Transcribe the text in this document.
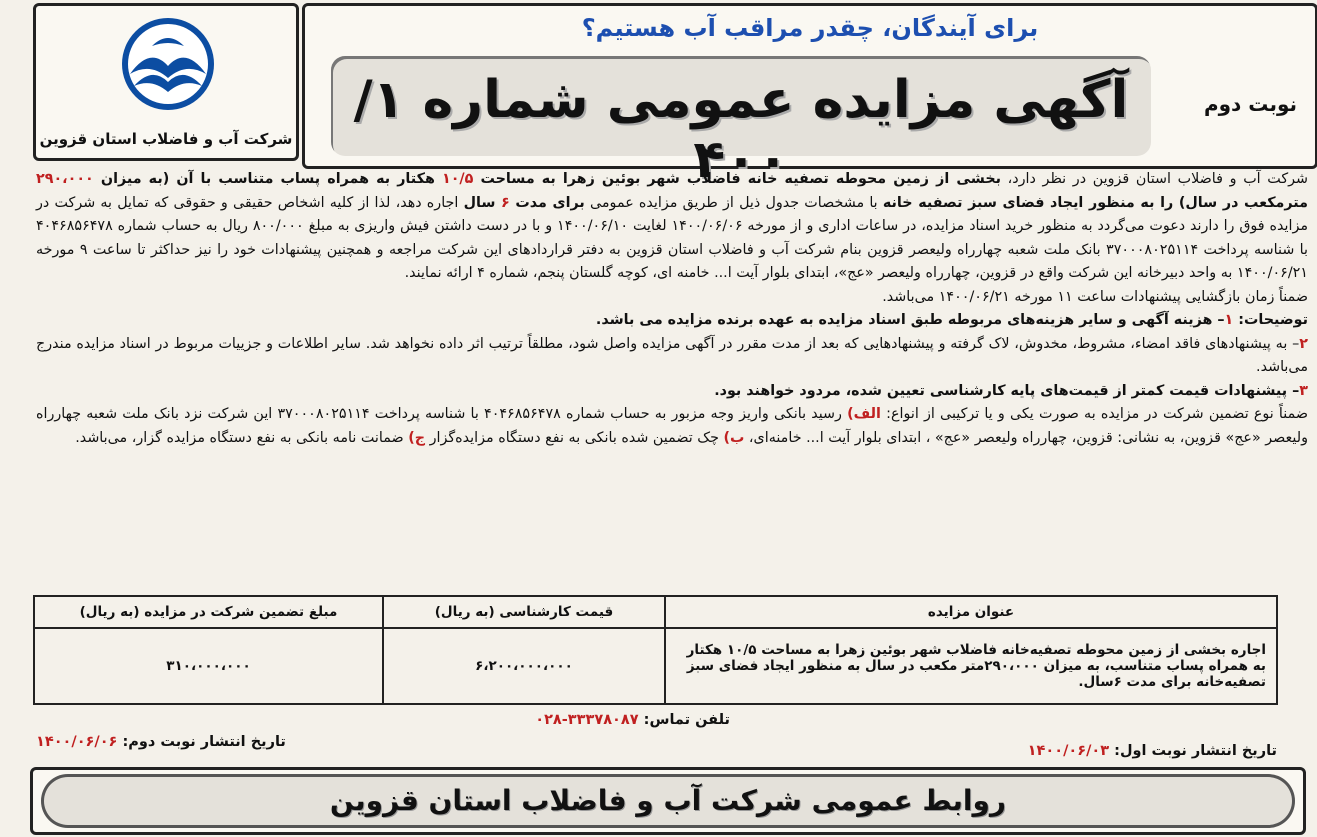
شرکت آب و فاضلاب استان قزوین
برای آیندگان، چقدر مراقب آب هستیم؟
آگهی مزایده عمومی شماره ۱/ ۴۰۰
نوبت دوم

شرکت آب و فاضلاب استان قزوین در نظر دارد، بخشی از زمین محوطه تصفیه خانه فاضلاب شهر بوئین زهرا به مساحت ۱۰/۵ هکتار به همراه پساب متناسب با آن (به میزان ۲۹۰،۰۰۰ مترمکعب در سال) را به منظور ایجاد فضای سبز تصفیه خانه با مشخصات جدول ذیل از طریق مزایده عمومی برای مدت ۶ سال اجاره دهد، لذا از کلیه اشخاص حقیقی و حقوقی که تمایل به شرکت در مزایده فوق را دارند دعوت می‌گردد به منظور خرید اسناد مزایده، در ساعات اداری و از مورخه ۱۴۰۰/۰۶/۰۶ لغایت ۱۴۰۰/۰۶/۱۰ و با در دست داشتن فیش واریزی به مبلغ ۸۰۰/۰۰۰ ریال به حساب شماره ۴۰۴۶۸۵۶۴۷۸ با شناسه پرداخت ۳۷۰۰۰۸۰۲۵۱۱۴ بانک ملت شعبه چهارراه ولیعصر قزوین بنام شرکت آب و فاضلاب استان قزوین به دفتر قراردادهای این شرکت مراجعه و همچنین پیشنهادات خود را نیز حداکثر تا ساعت ۹ مورخه ۱۴۰۰/۰۶/۲۱ به واحد دبیرخانه این شرکت واقع در قزوین، چهارراه ولیعصر «عج»، ابتدای بلوار آیت ا... خامنه ای، کوچه گلستان پنجم، شماره ۴ ارائه نمایند.

ضمناً زمان بازگشایی پیشنهادات ساعت ۱۱ مورخه ۱۴۰۰/۰۶/۲۱ می‌باشد.

توضیحات: ۱– هزینه آگهی و سایر هزینه‌های مربوطه طبق اسناد مزایده به عهده برنده مزایده می باشد.

۲– به پیشنهادهای فاقد امضاء، مشروط، مخدوش، لاک گرفته و پیشنهادهایی که بعد از مدت مقرر در آگهی مزایده واصل شود، مطلقاً ترتیب اثر داده نخواهد شد. سایر اطلاعات و جزییات مربوط در اسناد مزایده مندرج می‌باشد.

۳– پیشنهادات قیمت کمتر از قیمت‌های پایه کارشناسی تعیین شده، مردود خواهند بود.

ضمناً نوع تضمین شرکت در مزایده به صورت یکی و یا ترکیبی از انواع: الف) رسید بانکی واریز وجه مزبور به حساب شماره ۴۰۴۶۸۵۶۴۷۸ با شناسه پرداخت ۳۷۰۰۰۸۰۲۵۱۱۴ این شرکت نزد بانک ملت شعبه چهارراه ولیعصر «عج» قزوین، به نشانی: قزوین، چهارراه ولیعصر «عج» ، ابتدای بلوار آیت ا... خامنه‌ای، ب) چک تضمین شده بانکی به نفع دستگاه مزایده‌گزار ج) ضمانت نامه بانکی به نفع دستگاه مزایده گزار، می‌باشد.

عنوان مزایده	قیمت کارشناسی (به ریال)	مبلغ تضمین شرکت در مزایده (به ریال)
اجاره بخشی از زمین محوطه تصفیه‌خانه فاضلاب شهر بوئین زهرا به مساحت ۱۰/۵ هکتار به همراه پساب متناسب، به میزان ۲۹۰،۰۰۰متر مکعب در سال به منظور ایجاد فضای سبز تصفیه‌خانه برای مدت ۶سال.	۶،۲۰۰،۰۰۰،۰۰۰	۳۱۰،۰۰۰،۰۰۰
تلفن تماس: ۰۲۸-۳۳۳۷۸۰۸۷
تاریخ انتشار نوبت اول: ۱۴۰۰/۰۶/۰۳
تاریخ انتشار نوبت دوم: ۱۴۰۰/۰۶/۰۶
روابط عمومی شرکت آب و فاضلاب استان قزوین
